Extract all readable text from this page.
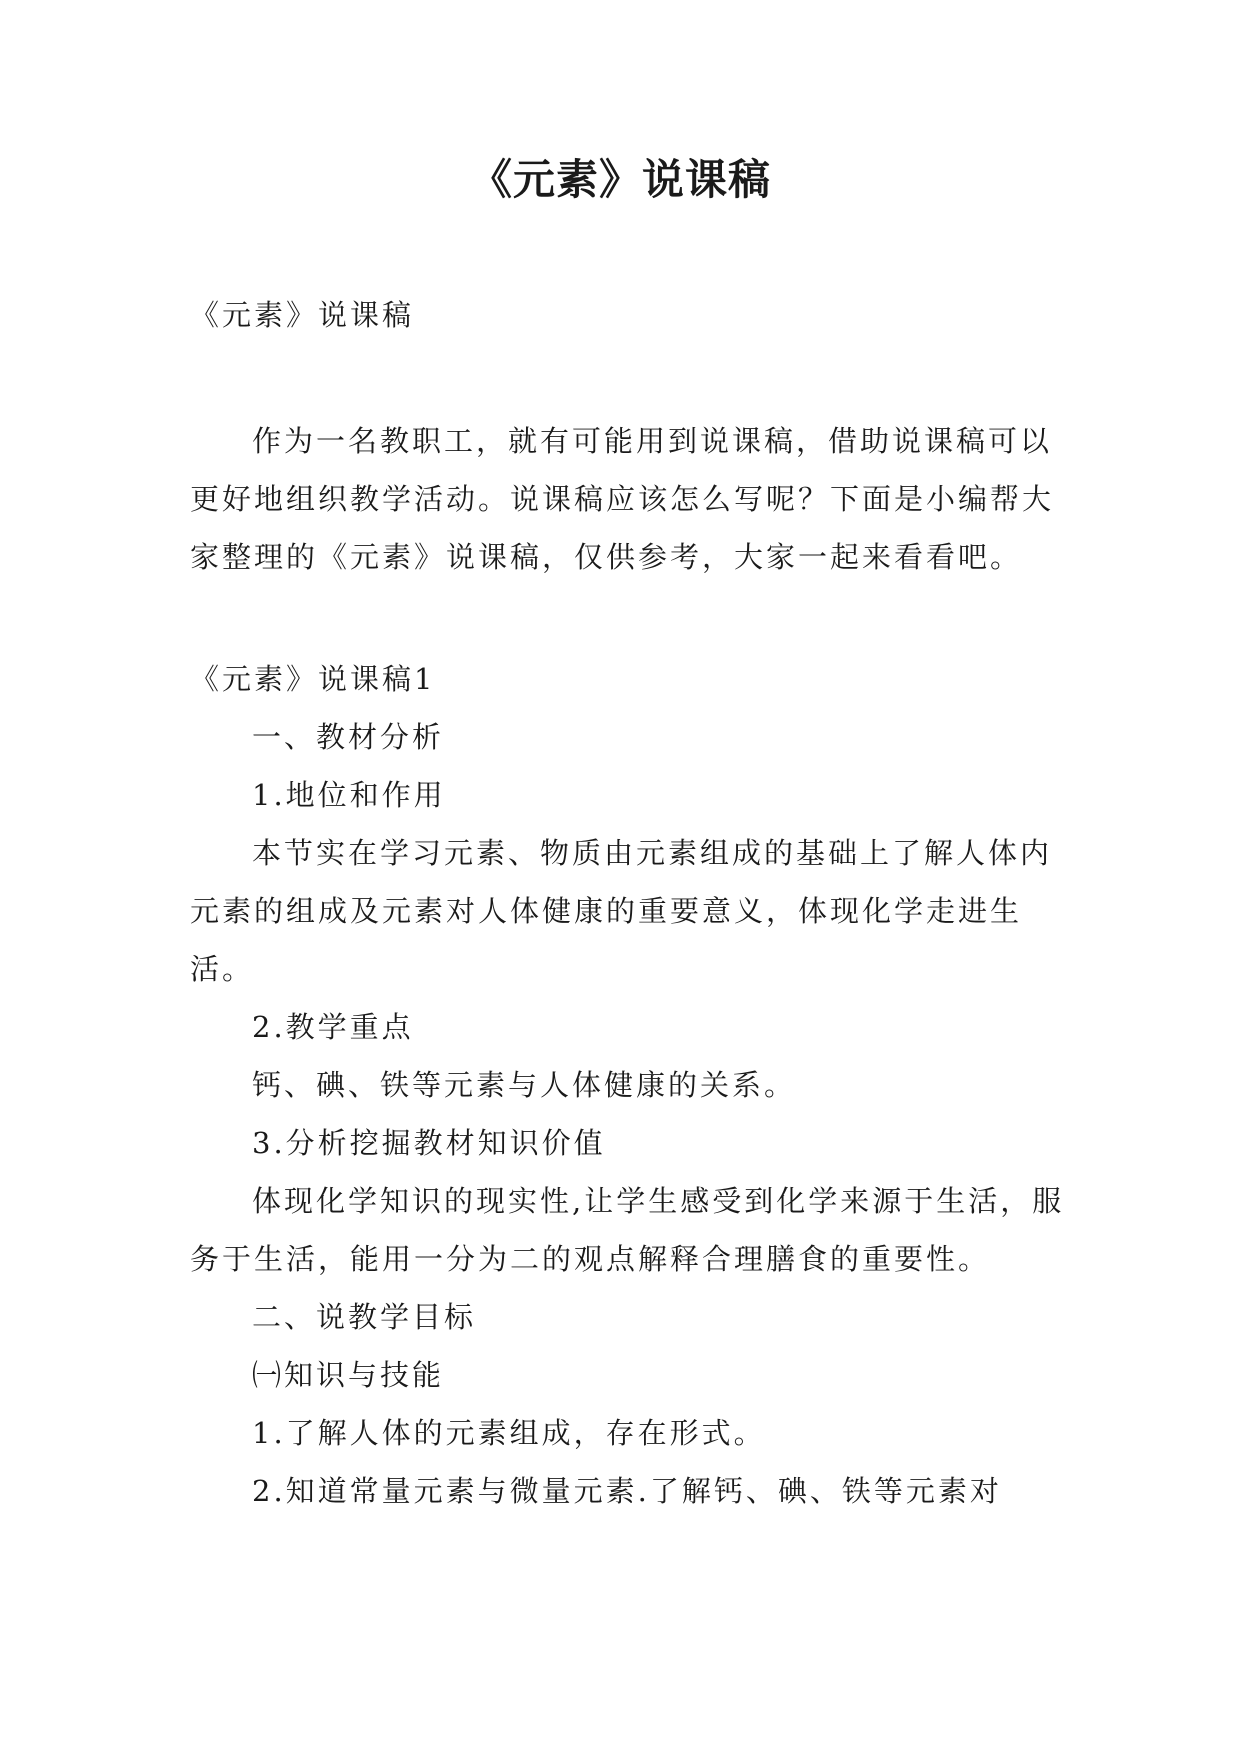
《元素》说课稿

《元素》说课稿

作为一名教职工，就有可能用到说课稿，借助说课稿可以更好地组织教学活动。说课稿应该怎么写呢？下面是小编帮大家整理的《元素》说课稿，仅供参考，大家一起来看看吧。

《元素》说课稿1

一、教材分析

1.地位和作用

本节实在学习元素、物质由元素组成的基础上了解人体内元素的组成及元素对人体健康的重要意义，体现化学走进生活。

2.教学重点

钙、碘、铁等元素与人体健康的关系。

3.分析挖掘教材知识价值

体现化学知识的现实性,让学生感受到化学来源于生活，服务于生活，能用一分为二的观点解释合理膳食的重要性。

二、说教学目标

㈠知识与技能

1.了解人体的元素组成，存在形式。

2.知道常量元素与微量元素.了解钙、碘、铁等元素对
